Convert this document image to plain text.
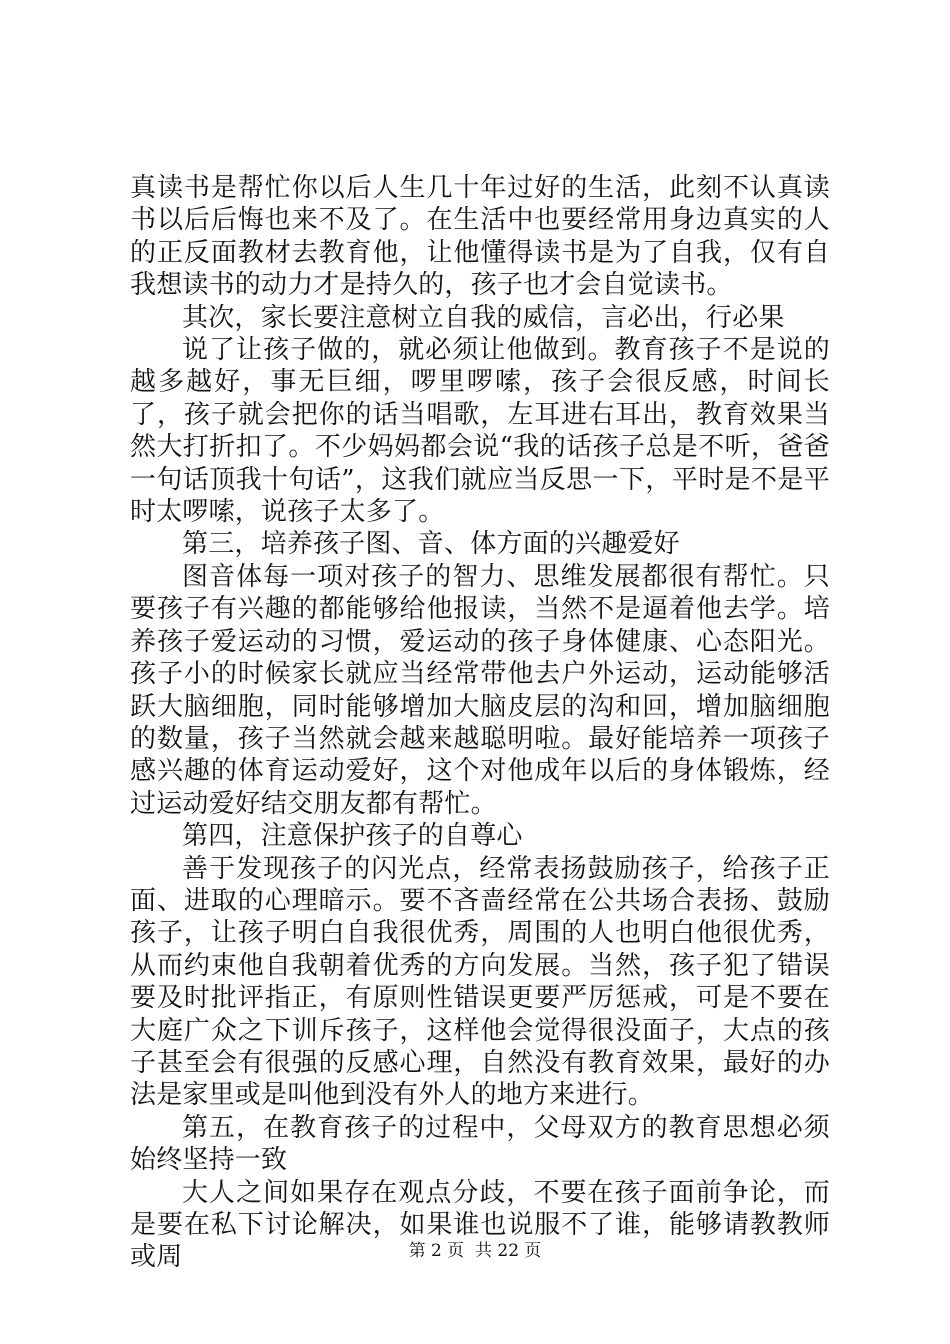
真读书是帮忙你以后人生几十年过好的生活，此刻不认真读书以后后悔也来不及了。在生活中也要经常用身边真实的人的正反面教材去教育他，让他懂得读书是为了自我，仅有自我想读书的动力才是持久的，孩子也才会自觉读书。

其次，家长要注意树立自我的威信，言必出，行必果

说了让孩子做的，就必须让他做到。教育孩子不是说的越多越好，事无巨细，啰里啰嗦，孩子会很反感，时间长了，孩子就会把你的话当唱歌，左耳进右耳出，教育效果当然大打折扣了。不少妈妈都会说“我的话孩子总是不听，爸爸一句话顶我十句话”，这我们就应当反思一下，平时是不是平时太啰嗦，说孩子太多了。

第三，培养孩子图、音、体方面的兴趣爱好

图音体每一项对孩子的智力、思维发展都很有帮忙。只要孩子有兴趣的都能够给他报读，当然不是逼着他去学。培养孩子爱运动的习惯，爱运动的孩子身体健康、心态阳光。孩子小的时候家长就应当经常带他去户外运动，运动能够活跃大脑细胞，同时能够增加大脑皮层的沟和回，增加脑细胞的数量，孩子当然就会越来越聪明啦。最好能培养一项孩子感兴趣的体育运动爱好，这个对他成年以后的身体锻炼，经过运动爱好结交朋友都有帮忙。

第四，注意保护孩子的自尊心

善于发现孩子的闪光点，经常表扬鼓励孩子，给孩子正面、进取的心理暗示。要不吝啬经常在公共场合表扬、鼓励孩子，让孩子明白自我很优秀，周围的人也明白他很优秀，从而约束他自我朝着优秀的方向发展。当然，孩子犯了错误要及时批评指正，有原则性错误更要严厉惩戒，可是不要在大庭广众之下训斥孩子，这样他会觉得很没面子，大点的孩子甚至会有很强的反感心理，自然没有教育效果，最好的办法是家里或是叫他到没有外人的地方来进行。

第五，在教育孩子的过程中，父母双方的教育思想必须始终坚持一致

大人之间如果存在观点分歧，不要在孩子面前争论，而是要在私下讨论解决，如果谁也说服不了谁，能够请教教师或周	第 2 页  共 22 页
